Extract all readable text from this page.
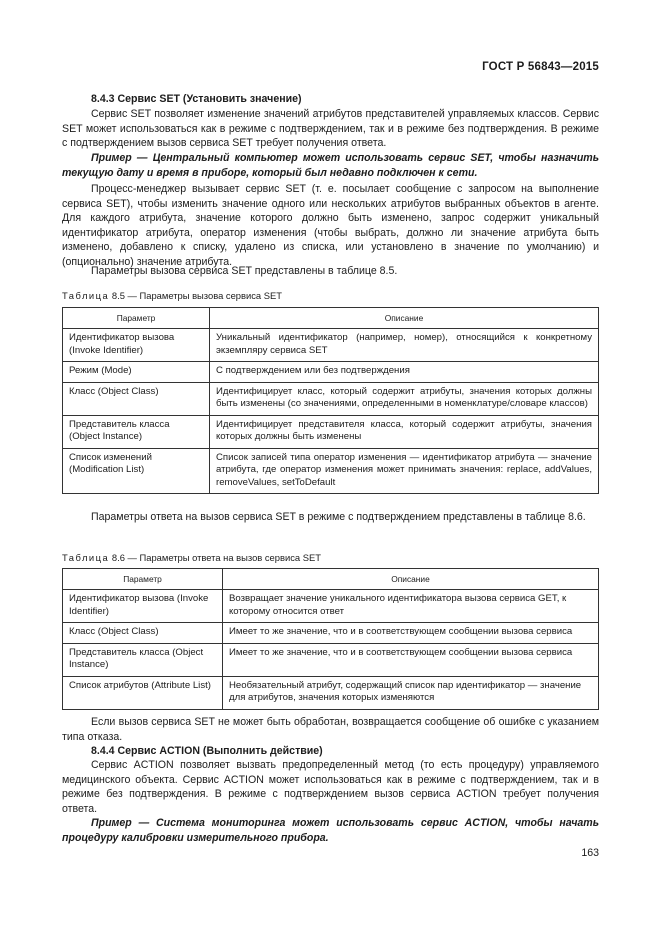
ГОСТ Р 56843—2015
8.4.3 Сервис SET (Установить значение)
Сервис SET позволяет изменение значений атрибутов представителей управляемых классов. Сервис SET может использоваться как в режиме с подтверждением, так и в режиме без подтверждения. В режиме с подтверждением вызов сервиса SET требует получения ответа.
Пример — Центральный компьютер может использовать сервис SET, чтобы назначить текущую дату и время в приборе, который был недавно подключен к сети.
Процесс-менеджер вызывает сервис SET (т. е. посылает сообщение с запросом на выполнение сервиса SET), чтобы изменить значение одного или нескольких атрибутов выбранных объектов в агенте. Для каждого атрибута, значение которого должно быть изменено, запрос содержит уникальный идентификатор атрибута, оператор изменения (чтобы выбрать, должно ли значение атрибута быть изменено, добавлено к списку, удалено из списка, или установлено в значение по умолчанию) и (опционально) значение атрибута.
Параметры вызова сервиса SET представлены в таблице 8.5.
Таблица 8.5 — Параметры вызова сервиса SET
Параметр	Описание
Идентификатор вызова (Invoke Identifier)	Уникальный идентификатор (например, номер), относящийся к конкретному экземпляру сервиса SET
Режим (Mode)	С подтверждением или без подтверждения
Класс (Object Class)	Идентифицирует класс, который содержит атрибуты, значения которых должны быть изменены (со значениями, определенными в номенклатуре/словаре классов)
Представитель класса (Object Instance)	Идентифицирует представителя класса, который содержит атрибуты, значения которых должны быть изменены
Список изменений (Modification List)	Список записей типа оператор изменения — идентификатор атрибута — значение атрибута, где оператор изменения может принимать значения: replace, addValues, removeValues, setToDefault
Параметры ответа на вызов сервиса SET в режиме с подтверждением представлены в таблице 8.6.
Таблица 8.6 — Параметры ответа на вызов сервиса SET
Параметр	Описание
Идентификатор вызова (Invoke Identifier)	Возвращает значение уникального идентификатора вызова сервиса GET, к которому относится ответ
Класс (Object Class)	Имеет то же значение, что и в соответствующем сообщении вызова сервиса
Представитель класса (Object Instance)	Имеет то же значение, что и в соответствующем сообщении вызова сервиса
Список атрибутов (Attribute List)	Необязательный атрибут, содержащий список пар идентификатор — значение для атрибутов, значения которых изменяются
Если вызов сервиса SET не может быть обработан, возвращается сообщение об ошибке с указанием типа отказа.
8.4.4 Сервис ACTION (Выполнить действие)
Сервис ACTION позволяет вызвать предопределенный метод (то есть процедуру) управляемого медицинского объекта. Сервис ACTION может использоваться как в режиме с подтверждением, так и в режиме без подтверждения. В режиме с подтверждением вызов сервиса ACTION требует получения ответа.
Пример — Система мониторинга может использовать сервис ACTION, чтобы начать процедуру калибровки измерительного прибора.
163
